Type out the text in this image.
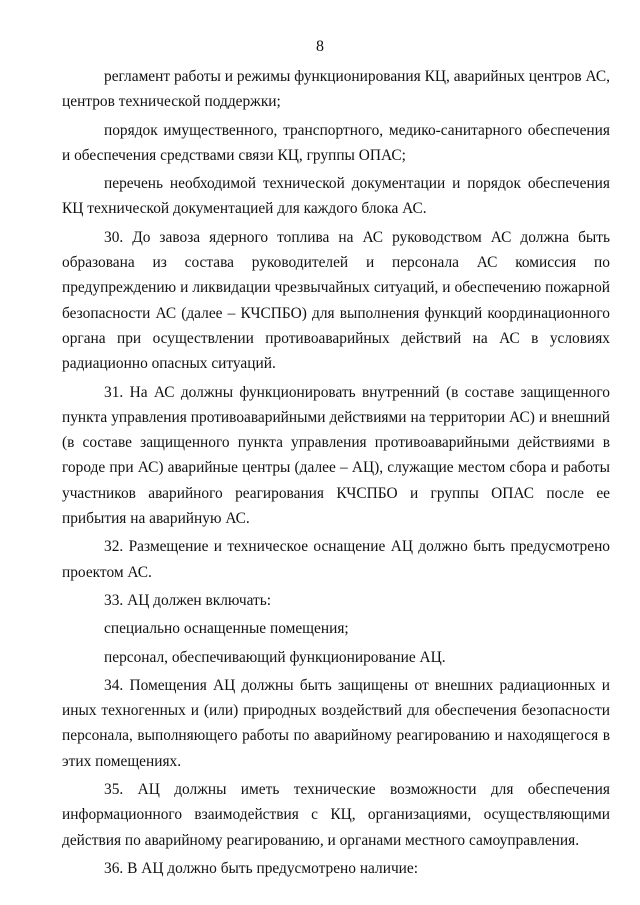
8

регламент работы и режимы функционирования КЦ, аварийных центров АС, центров технической поддержки;

порядок имущественного, транспортного, медико-санитарного обеспечения и обеспечения средствами связи КЦ, группы ОПАС;

перечень необходимой технической документации и порядок обеспечения КЦ технической документацией для каждого блока АС.

30. До завоза ядерного топлива на АС руководством АС должна быть образована из состава руководителей и персонала АС комиссия по предупреждению и ликвидации чрезвычайных ситуаций, и обеспечению пожарной безопасности АС (далее – КЧСПБО) для выполнения функций координационного органа при осуществлении противоаварийных действий на АС в условиях радиационно опасных ситуаций.

31. На АС должны функционировать внутренний (в составе защищенного пункта управления противоаварийными действиями на территории АС) и внешний (в составе защищенного пункта управления противоаварийными действиями в городе при АС) аварийные центры (далее – АЦ), служащие местом сбора и работы участников аварийного реагирования КЧСПБО и группы ОПАС после ее прибытия на аварийную АС.

32. Размещение и техническое оснащение АЦ должно быть предусмотрено проектом АС.

33. АЦ должен включать:

специально оснащенные помещения;

персонал, обеспечивающий функционирование АЦ.

34. Помещения АЦ должны быть защищены от внешних радиационных и иных техногенных и (или) природных воздействий для обеспечения безопасности персонала, выполняющего работы по аварийному реагированию и находящегося в этих помещениях.

35. АЦ должны иметь технические возможности для обеспечения информационного взаимодействия с КЦ, организациями, осуществляющими действия по аварийному реагированию, и органами местного самоуправления.

36. В АЦ должно быть предусмотрено наличие:
